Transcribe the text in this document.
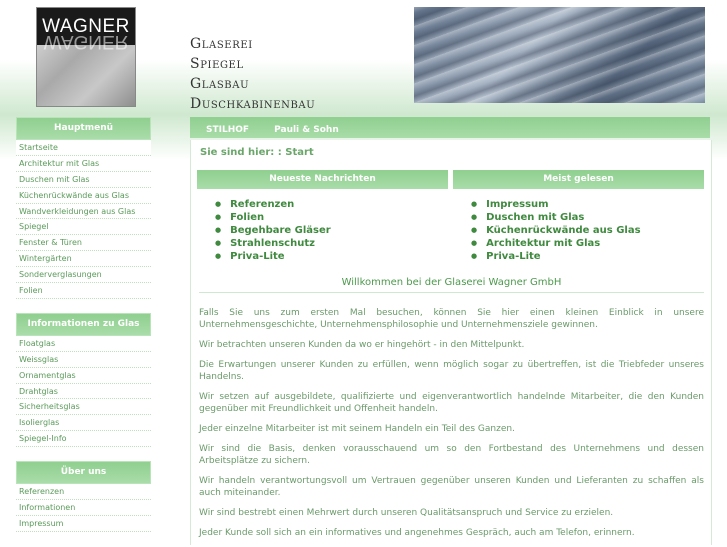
WAGNER
WAGNER	Glaserei
Spiegel
Glasbau
Duschkabinenbau
Hauptmenü
Startseite
Architektur mit Glas
Duschen mit Glas
Küchenrückwände aus Glas
Wandverkleidungen aus Glas
Spiegel
Fenster & Türen
Wintergärten
Sonderverglasungen
Folien
Informationen zu Glas
Floatglas
Weissglas
Ornamentglas
Drahtglas
Sicherheitsglas
Isolierglas
Spiegel-Info
Über uns
Referenzen
Informationen
Impressum
STILHOF	Pauli & Sohn
Sie sind hier: : Start
Neueste Nachrichten
● Referenzen
● Folien
● Begehbare Gläser
● Strahlenschutz
● Priva-Lite
Meist gelesen
● Impressum
● Duschen mit Glas
● Küchenrückwände aus Glas
● Architektur mit Glas
● Priva-Lite
Willkommen bei der Glaserei Wagner GmbH

Falls Sie uns zum ersten Mal besuchen, können Sie hier einen kleinen Einblick in unsere Unternehmensgeschichte, Unternehmensphilosophie und Unternehmensziele gewinnen.

Wir betrachten unseren Kunden da wo er hingehört - in den Mittelpunkt.

Die Erwartungen unserer Kunden zu erfüllen, wenn möglich sogar zu übertreffen, ist die Triebfeder unseres Handelns.

Wir setzen auf ausgebildete, qualifizierte und eigenverantwortlich handelnde Mitarbeiter, die den Kunden gegenüber mit Freundlichkeit und Offenheit handeln.

Jeder einzelne Mitarbeiter ist mit seinem Handeln ein Teil des Ganzen.

Wir sind die Basis, denken vorausschauend um so den Fortbestand des Unternehmens und dessen Arbeitsplätze zu sichern.

Wir handeln verantwortungsvoll um Vertrauen gegenüber unseren Kunden und Lieferanten zu schaffen als auch miteinander.

Wir sind bestrebt einen Mehrwert durch unseren Qualitätsanspruch und Service zu erzielen.

Jeder Kunde soll sich an ein informatives und angenehmes Gespräch, auch am Telefon, erinnern.
